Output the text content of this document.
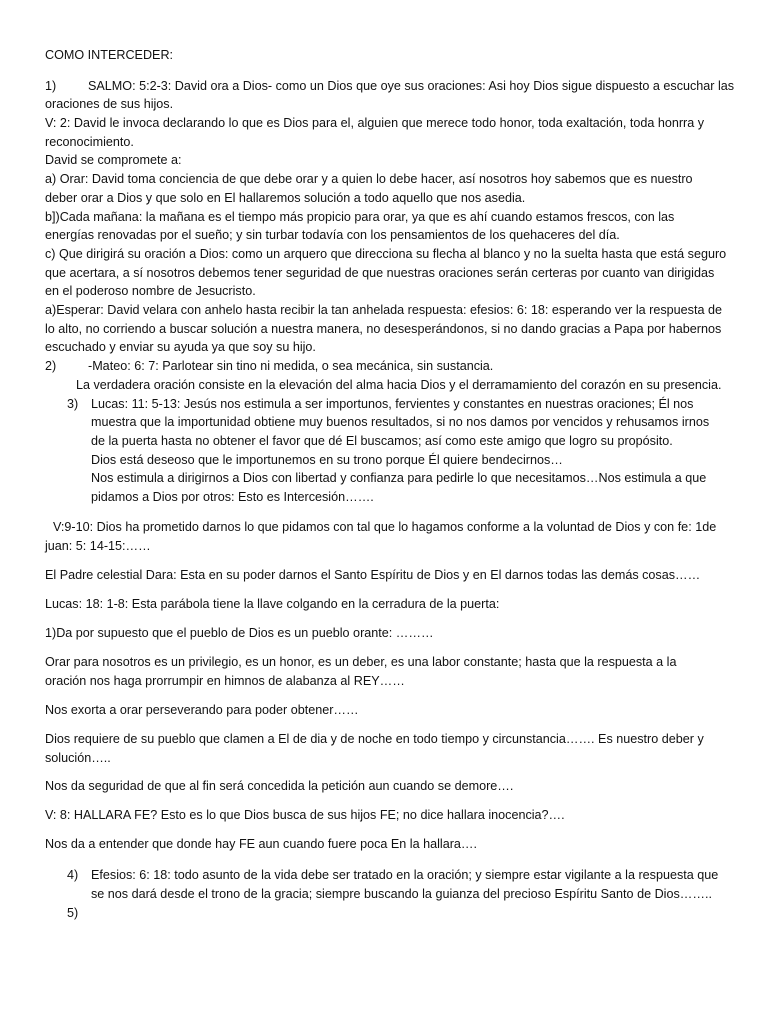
COMO INTERCEDER:
1)	SALMO: 5:2-3: David ora a Dios- como un Dios que oye sus oraciones: Asi hoy Dios sigue dispuesto a escuchar las
oraciones de sus hijos.
V: 2: David le invoca declarando lo que es Dios para el, alguien que merece todo honor, toda exaltación, toda honrra y
reconocimiento.
David se compromete a:
a) Orar: David toma conciencia de que debe orar y a quien lo debe hacer, así nosotros hoy sabemos que es nuestro
deber orar a Dios y que solo en El hallaremos solución a todo aquello que nos asedia.
b])Cada mañana: la mañana es el tiempo más propicio para orar, ya que es ahí cuando estamos frescos, con las
energías renovadas por el sueño; y sin turbar todavía con los pensamientos de los quehaceres del día.
c) Que dirigirá su oración a Dios: como un arquero que direcciona su flecha al blanco y no la suelta hasta que está seguro
que acertara, a sí nosotros debemos tener seguridad de que nuestras oraciones serán certeras por cuanto van dirigidas
en el poderoso nombre de Jesucristo.
a)Esperar: David velara con anhelo hasta recibir la tan anhelada respuesta: efesios: 6: 18: esperando ver la respuesta de
lo alto, no corriendo a buscar solución a nuestra manera, no desesperándonos, si no dando gracias a Papa por habernos
escuchado y enviar su ayuda ya que soy su hijo.
2)	-Mateo: 6: 7: Parlotear sin tino ni medida, o sea mecánica, sin sustancia.
La verdadera oración consiste en la elevación del alma hacia Dios y el derramamiento del corazón en su presencia.
3) Lucas: 11: 5-13: Jesús nos estimula a ser importunos, fervientes y constantes en nuestras oraciones; Él nos
muestra que la importunidad obtiene muy buenos resultados, si no nos damos por vencidos y rehusamos irnos
de la puerta hasta no obtener el favor que dé El buscamos; así como este amigo que logro su propósito.
Dios está deseoso que le importunemos en su trono porque Él quiere bendecirnos…
Nos estimula a dirigirnos a Dios con libertad y confianza para pedirle lo que necesitamos…Nos estimula a que
pidamos a Dios por otros: Esto es Intercesión…….
V:9-10: Dios ha prometido darnos lo que pidamos con tal que lo hagamos conforme a la voluntad de Dios y con fe: 1de
juan: 5: 14-15:……
El Padre celestial Dara: Esta en su poder darnos el Santo Espíritu de Dios y en El darnos todas las demás cosas……
Lucas: 18: 1-8: Esta parábola tiene la llave colgando en la cerradura de la puerta:
1)Da por supuesto que el pueblo de Dios es un pueblo orante: ………
Orar para nosotros es un privilegio, es un honor, es un deber, es una labor constante; hasta que la respuesta a la
oración nos haga prorrumpir en himnos de alabanza al REY……
Nos exorta a orar perseverando para poder obtener……
Dios requiere de su pueblo que clamen a El de dia y de noche en todo tiempo y circunstancia……. Es nuestro deber y
solución…..
Nos da seguridad de que al fin será concedida la petición aun cuando se demore….
V: 8: HALLARA FE? Esto es lo que Dios busca de sus hijos FE; no dice hallara inocencia?….
Nos da a entender que donde hay FE aun cuando fuere poca En la hallara….
4) Efesios: 6: 18: todo asunto de la vida debe ser tratado en la oración; y siempre estar vigilante a la respuesta que
se nos dará desde el trono de la gracia; siempre buscando la guianza del precioso Espíritu Santo de Dios……..
5)
